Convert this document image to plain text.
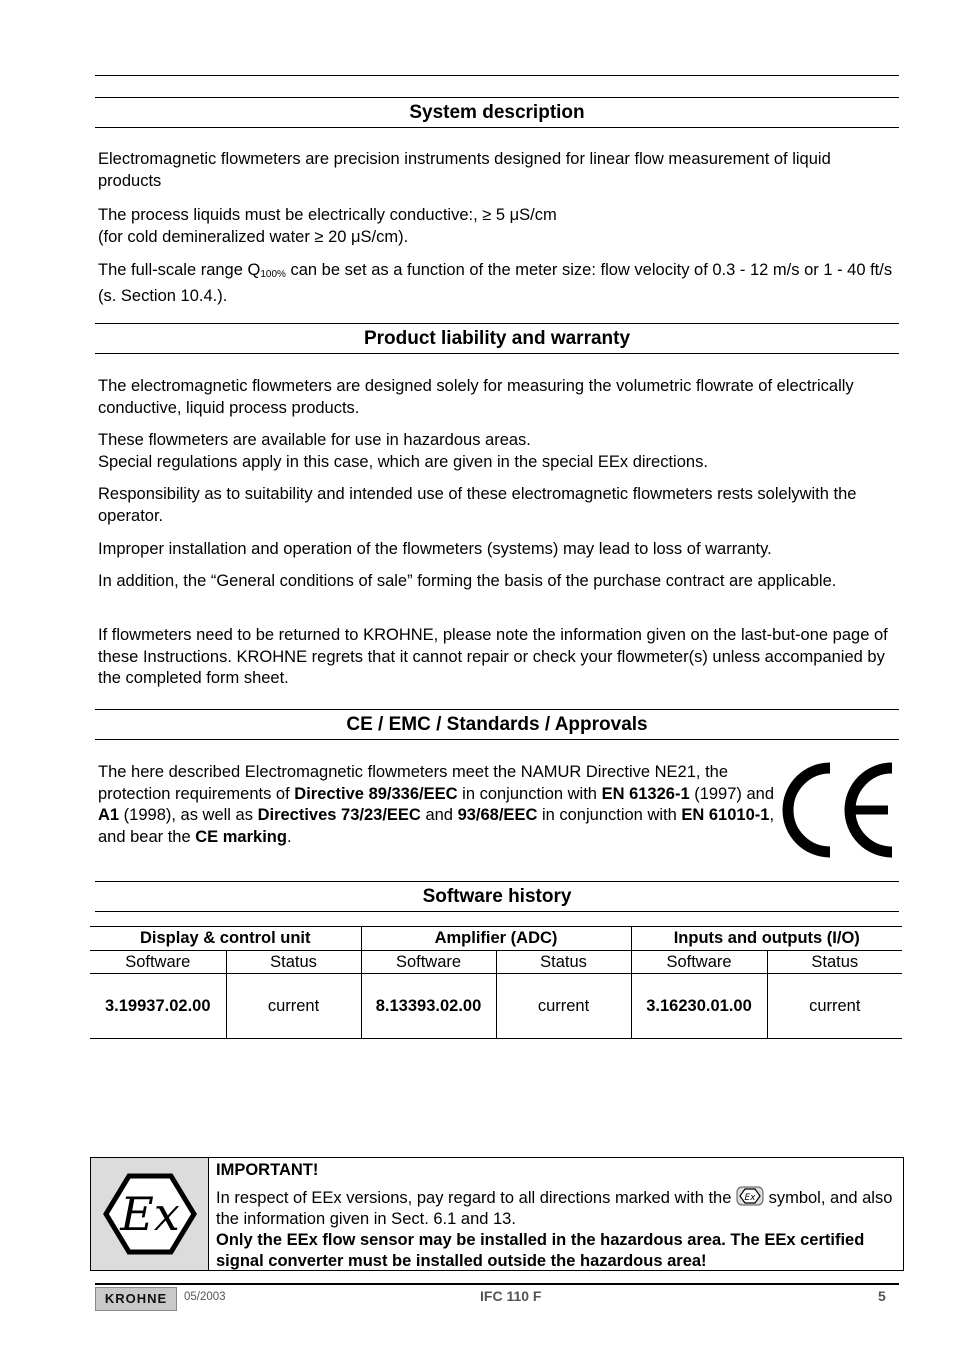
System description

Electromagnetic flowmeters are precision instruments designed for linear flow measurement of liquid products

The process liquids must be electrically conductive:, ≥ 5 μS/cm
(for cold demineralized water ≥ 20 μS/cm).

The full-scale range $Q_{100\%}$ can be set as a function of the meter size: flow velocity of 0.3 - 12 m/s or 1 - 40 ft/s (s. Section 10.4.).

Product liability and warranty

The electromagnetic flowmeters are designed solely for measuring the volumetric flowrate of electrically conductive, liquid process products.

These flowmeters are available for use in hazardous areas.
Special regulations apply in this case, which are given in the special EEx directions.

Responsibility as to suitability and intended use of these electromagnetic flowmeters rests solelywith the operator.

Improper installation and operation of the flowmeters (systems) may lead to loss of warranty.

In addition, the “General conditions of sale” forming the basis of the purchase contract are applicable.

If flowmeters need to be returned to KROHNE, please note the information given on the last-but-one page of these Instructions. KROHNE regrets that it cannot repair or check your flowmeter(s) unless accompanied by the completed form sheet.

CE / EMC / Standards / Approvals

The here described Electromagnetic flowmeters meet the NAMUR Directive NE21, the protection requirements of Directive 89/336/EEC in conjunction with EN 61326-1 (1997) and A1 (1998), as well as Directives 73/23/EEC and 93/68/EEC in conjunction with EN 61010-1, and bear the CE marking.

Software history
Display & control unit		Amplifier (ADC)		Inputs and outputs (I/O)	
Software	Status	Software	Status	Software	Status
3.19937.02.00	current	8.13393.02.00	current	3.16230.01.00	current
Ex
IMPORTANT!
In respect of EEx versions, pay regard to all directions marked with the Ex symbol, and also the information given in Sect. 6.1 and 13.
Only the EEx flow sensor may be installed in the hazardous area. The EEx certified signal converter must be installed outside the hazardous area!
KROHNE	05/2003	IFC 110 F	5
